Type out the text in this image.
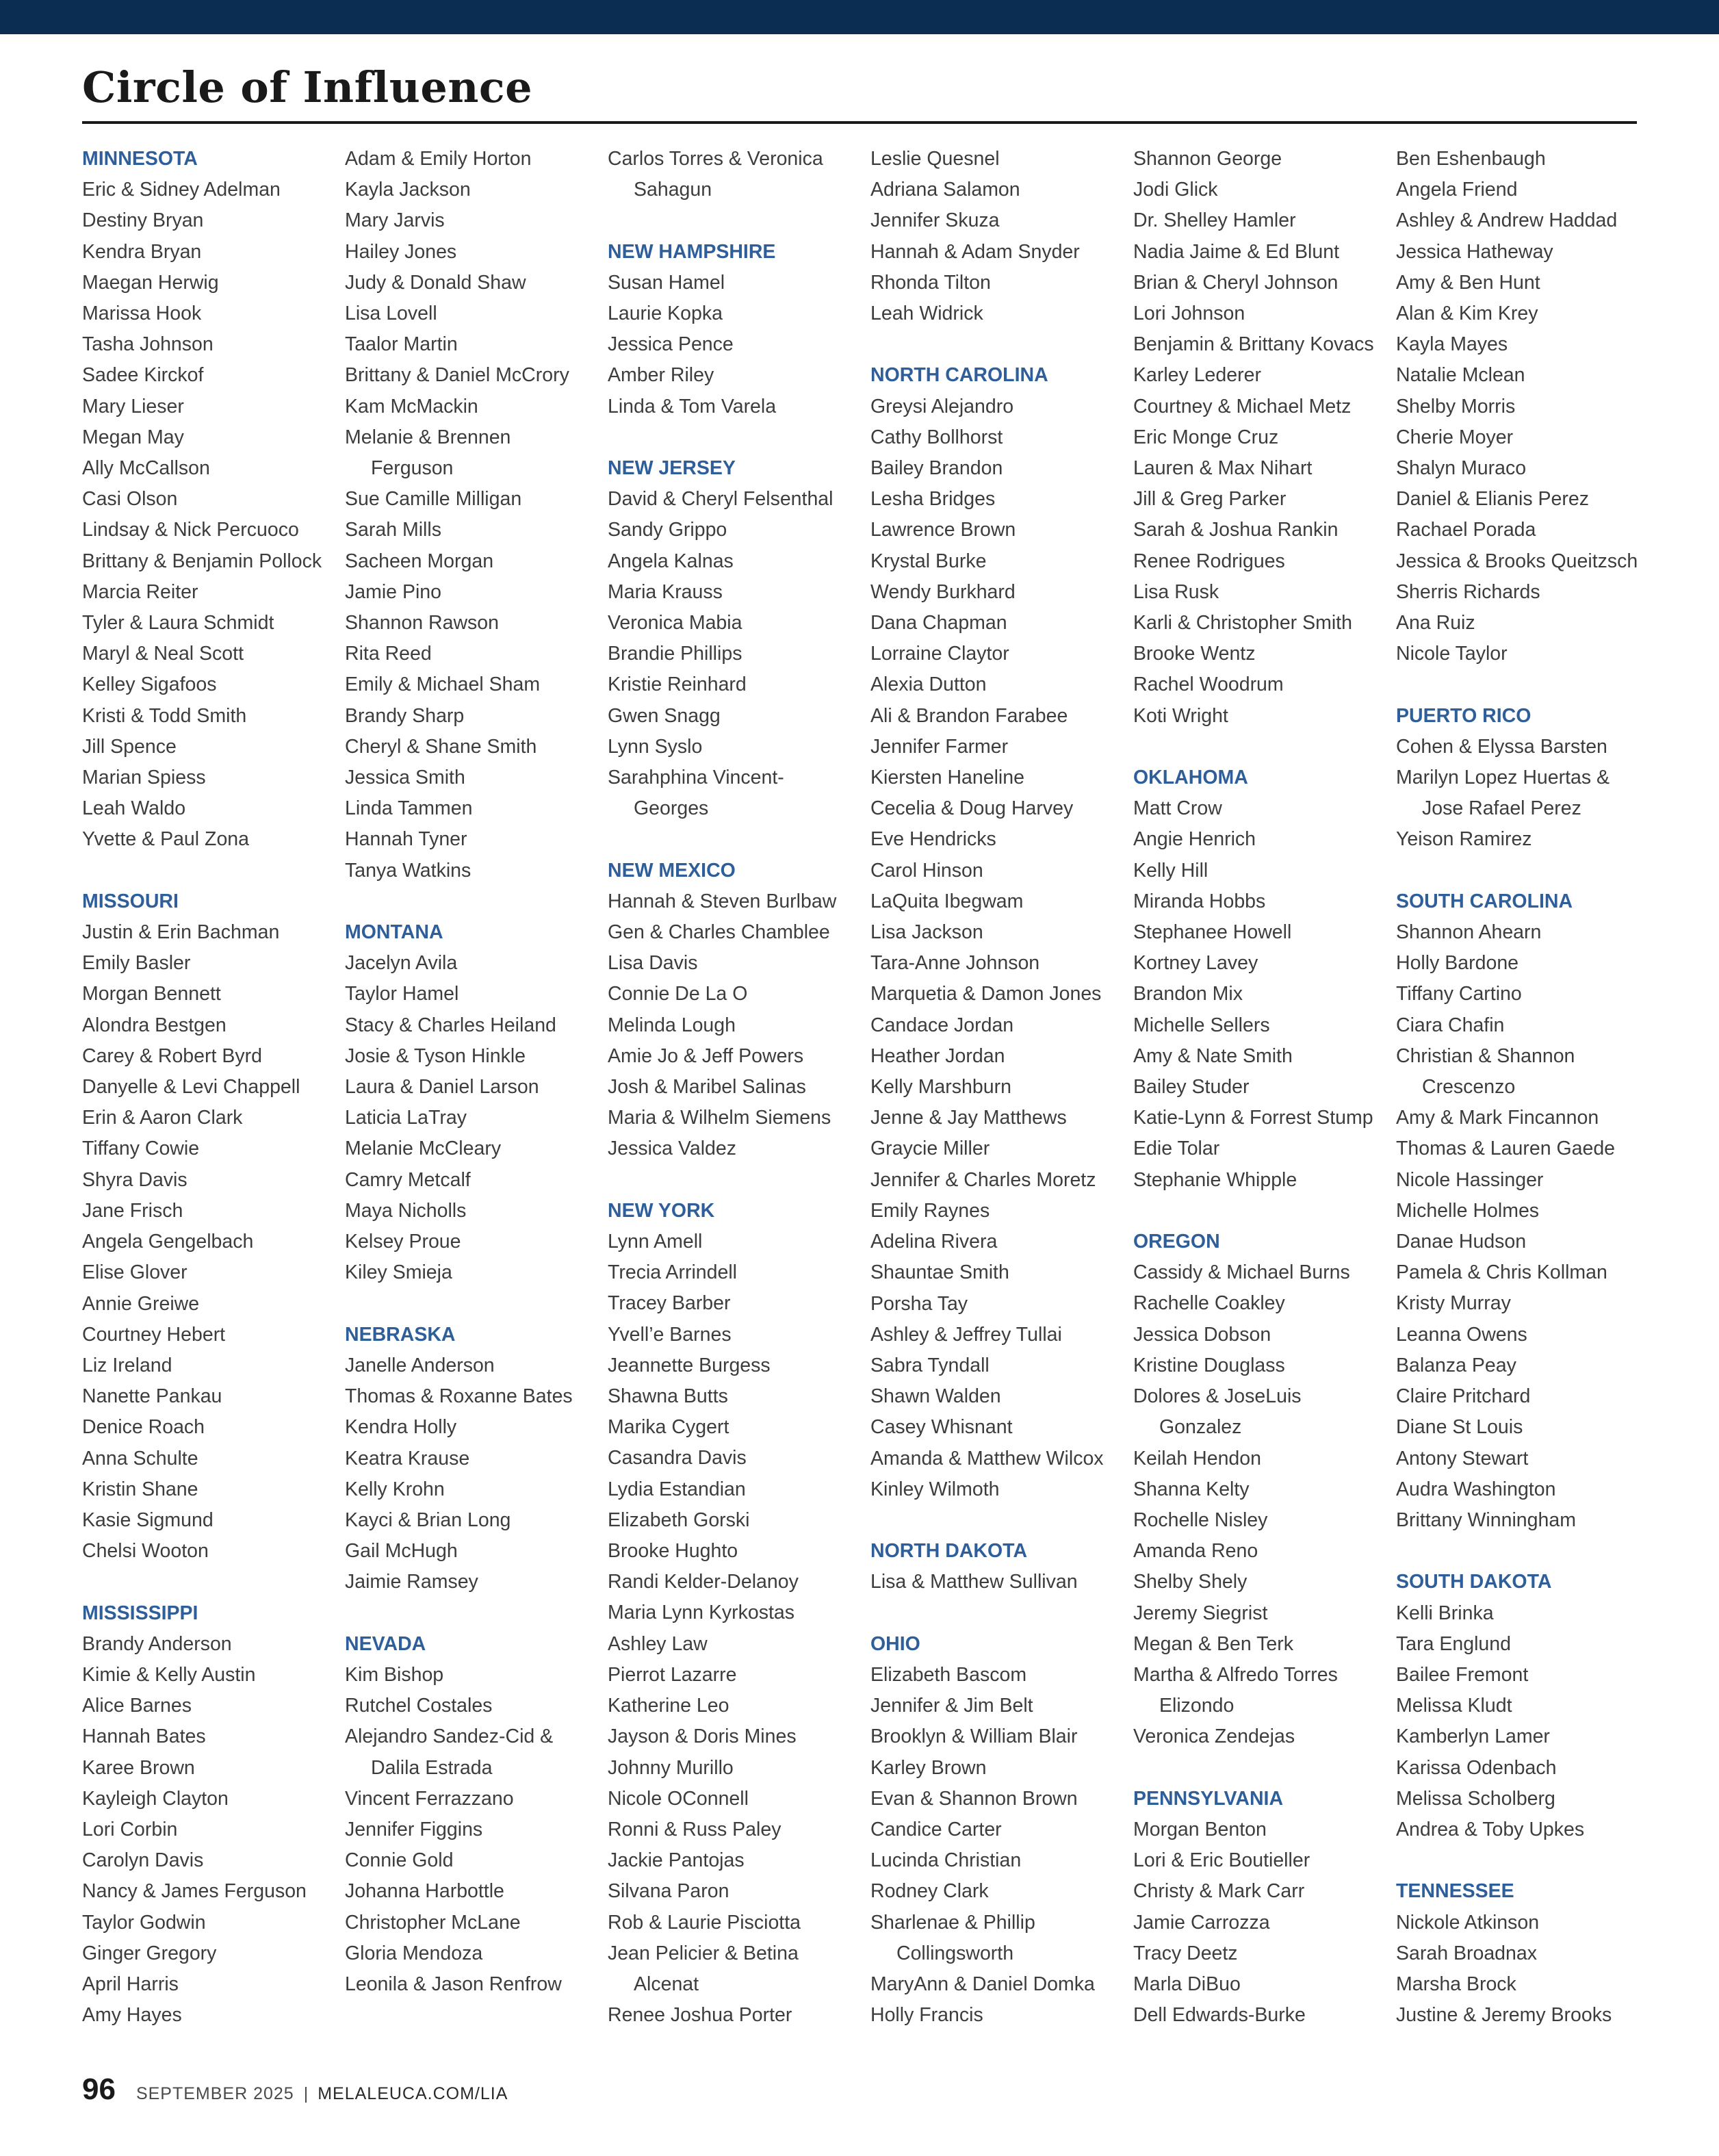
Circle of Influence
MINNESOTA
Eric & Sidney Adelman
Destiny Bryan
Kendra Bryan
Maegan Herwig
Marissa Hook
Tasha Johnson
Sadee Kirckof
Mary Lieser
Megan May
Ally McCallson
Casi Olson
Lindsay & Nick Percuoco
Brittany & Benjamin Pollock
Marcia Reiter
Tyler & Laura Schmidt
Maryl & Neal Scott
Kelley Sigafoos
Kristi & Todd Smith
Jill Spence
Marian Spiess
Leah Waldo
Yvette & Paul Zona
MISSOURI
Justin & Erin Bachman
Emily Basler
Morgan Bennett
Alondra Bestgen
Carey & Robert Byrd
Danyelle & Levi Chappell
Erin & Aaron Clark
Tiffany Cowie
Shyra Davis
Jane Frisch
Angela Gengelbach
Elise Glover
Annie Greiwe
Courtney Hebert
Liz Ireland
Nanette Pankau
Denice Roach
Anna Schulte
Kristin Shane
Kasie Sigmund
Chelsi Wooton
MISSISSIPPI
Brandy Anderson
Kimie & Kelly Austin
Alice Barnes
Hannah Bates
Karee Brown
Kayleigh Clayton
Lori Corbin
Carolyn Davis
Nancy & James Ferguson
Taylor Godwin
Ginger Gregory
April Harris
Amy Hayes
Adam & Emily Horton
Kayla Jackson
Mary Jarvis
Hailey Jones
Judy & Donald Shaw
Lisa Lovell
Taalor Martin
Brittany & Daniel McCrory
Kam McMackin
Melanie & Brennen
Ferguson
Sue Camille Milligan
Sarah Mills
Sacheen Morgan
Jamie Pino
Shannon Rawson
Rita Reed
Emily & Michael Sham
Brandy Sharp
Cheryl & Shane Smith
Jessica Smith
Linda Tammen
Hannah Tyner
Tanya Watkins
MONTANA
Jacelyn Avila
Taylor Hamel
Stacy & Charles Heiland
Josie & Tyson Hinkle
Laura & Daniel Larson
Laticia LaTray
Melanie McCleary
Camry Metcalf
Maya Nicholls
Kelsey Proue
Kiley Smieja
NEBRASKA
Janelle Anderson
Thomas & Roxanne Bates
Kendra Holly
Keatra Krause
Kelly Krohn
Kayci & Brian Long
Gail McHugh
Jaimie Ramsey
NEVADA
Kim Bishop
Rutchel Costales
Alejandro Sandez-Cid &
Dalila Estrada
Vincent Ferrazzano
Jennifer Figgins
Connie Gold
Johanna Harbottle
Christopher McLane
Gloria Mendoza
Leonila & Jason Renfrow
Carlos Torres & Veronica
Sahagun
NEW HAMPSHIRE
Susan Hamel
Laurie Kopka
Jessica Pence
Amber Riley
Linda & Tom Varela
NEW JERSEY
David & Cheryl Felsenthal
Sandy Grippo
Angela Kalnas
Maria Krauss
Veronica Mabia
Brandie Phillips
Kristie Reinhard
Gwen Snagg
Lynn Syslo
Sarahphina Vincent-
Georges
NEW MEXICO
Hannah & Steven Burlbaw
Gen & Charles Chamblee
Lisa Davis
Connie De La O
Melinda Lough
Amie Jo & Jeff Powers
Josh & Maribel Salinas
Maria & Wilhelm Siemens
Jessica Valdez
NEW YORK
Lynn Amell
Trecia Arrindell
Tracey Barber
Yvell’e Barnes
Jeannette Burgess
Shawna Butts
Marika Cygert
Casandra Davis
Lydia Estandian
Elizabeth Gorski
Brooke Hughto
Randi Kelder-Delanoy
Maria Lynn Kyrkostas
Ashley Law
Pierrot Lazarre
Katherine Leo
Jayson & Doris Mines
Johnny Murillo
Nicole OConnell
Ronni & Russ Paley
Jackie Pantojas
Silvana Paron
Rob & Laurie Pisciotta
Jean Pelicier & Betina
Alcenat
Renee Joshua Porter
Leslie Quesnel
Adriana Salamon
Jennifer Skuza
Hannah & Adam Snyder
Rhonda Tilton
Leah Widrick
NORTH CAROLINA
Greysi Alejandro
Cathy Bollhorst
Bailey Brandon
Lesha Bridges
Lawrence Brown
Krystal Burke
Wendy Burkhard
Dana Chapman
Lorraine Claytor
Alexia Dutton
Ali & Brandon Farabee
Jennifer Farmer
Kiersten Haneline
Cecelia & Doug Harvey
Eve Hendricks
Carol Hinson
LaQuita Ibegwam
Lisa Jackson
Tara-Anne Johnson
Marquetia & Damon Jones
Candace Jordan
Heather Jordan
Kelly Marshburn
Jenne & Jay Matthews
Graycie Miller
Jennifer & Charles Moretz
Emily Raynes
Adelina Rivera
Shauntae Smith
Porsha Tay
Ashley & Jeffrey Tullai
Sabra Tyndall
Shawn Walden
Casey Whisnant
Amanda & Matthew Wilcox
Kinley Wilmoth
NORTH DAKOTA
Lisa & Matthew Sullivan
OHIO
Elizabeth Bascom
Jennifer & Jim Belt
Brooklyn & William Blair
Karley Brown
Evan & Shannon Brown
Candice Carter
Lucinda Christian
Rodney Clark
Sharlenae & Phillip
Collingsworth
MaryAnn & Daniel Domka
Holly Francis
Shannon George
Jodi Glick
Dr. Shelley Hamler
Nadia Jaime & Ed Blunt
Brian & Cheryl Johnson
Lori Johnson
Benjamin & Brittany Kovacs
Karley Lederer
Courtney & Michael Metz
Eric Monge Cruz
Lauren & Max Nihart
Jill & Greg Parker
Sarah & Joshua Rankin
Renee Rodrigues
Lisa Rusk
Karli & Christopher Smith
Brooke Wentz
Rachel Woodrum
Koti Wright
OKLAHOMA
Matt Crow
Angie Henrich
Kelly Hill
Miranda Hobbs
Stephanee Howell
Kortney Lavey
Brandon Mix
Michelle Sellers
Amy & Nate Smith
Bailey Studer
Katie-Lynn & Forrest Stump
Edie Tolar
Stephanie Whipple
OREGON
Cassidy & Michael Burns
Rachelle Coakley
Jessica Dobson
Kristine Douglass
Dolores & JoseLuis
Gonzalez
Keilah Hendon
Shanna Kelty
Rochelle Nisley
Amanda Reno
Shelby Shely
Jeremy Siegrist
Megan & Ben Terk
Martha & Alfredo Torres
Elizondo
Veronica Zendejas
PENNSYLVANIA
Morgan Benton
Lori & Eric Boutieller
Christy & Mark Carr
Jamie Carrozza
Tracy Deetz
Marla DiBuo
Dell Edwards-Burke
Ben Eshenbaugh
Angela Friend
Ashley & Andrew Haddad
Jessica Hatheway
Amy & Ben Hunt
Alan & Kim Krey
Kayla Mayes
Natalie Mclean
Shelby Morris
Cherie Moyer
Shalyn Muraco
Daniel & Elianis Perez
Rachael Porada
Jessica & Brooks Queitzsch
Sherris Richards
Ana Ruiz
Nicole Taylor
PUERTO RICO
Cohen & Elyssa Barsten
Marilyn Lopez Huertas &
Jose Rafael Perez
Yeison Ramirez
SOUTH CAROLINA
Shannon Ahearn
Holly Bardone
Tiffany Cartino
Ciara Chafin
Christian & Shannon
Crescenzo
Amy & Mark Fincannon
Thomas & Lauren Gaede
Nicole Hassinger
Michelle Holmes
Danae Hudson
Pamela & Chris Kollman
Kristy Murray
Leanna Owens
Balanza Peay
Claire Pritchard
Diane St Louis
Antony Stewart
Audra Washington
Brittany Winningham
SOUTH DAKOTA
Kelli Brinka
Tara Englund
Bailee Fremont
Melissa Kludt
Kamberlyn Lamer
Karissa Odenbach
Melissa Scholberg
Andrea & Toby Upkes
TENNESSEE
Nickole Atkinson
Sarah Broadnax
Marsha Brock
Justine & Jeremy Brooks
96 SEPTEMBER 2025 | MELALEUCA.COM/LIA
